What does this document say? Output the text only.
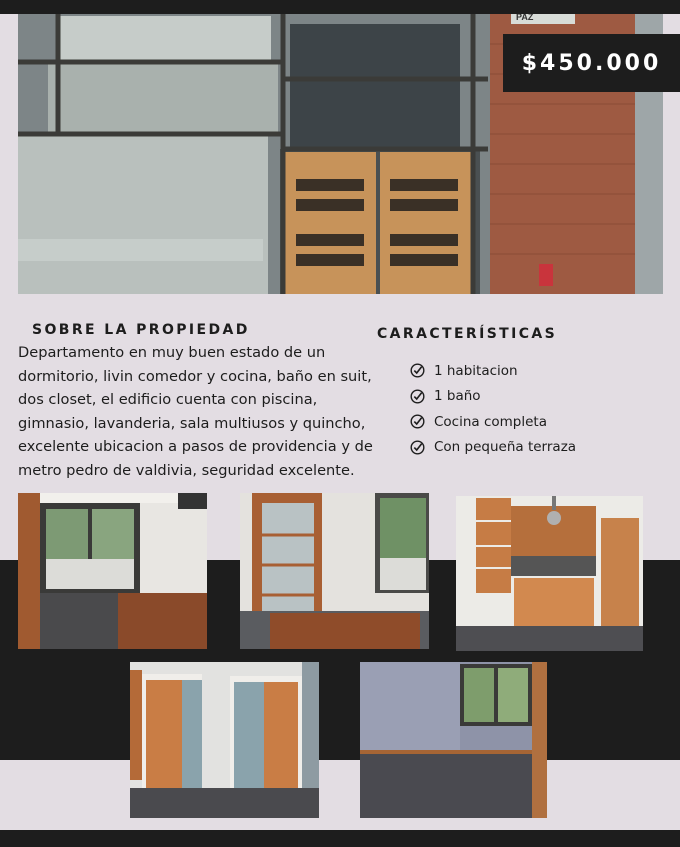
PAZ
$450.000
SOBRE LA PROPIEDAD

Departamento en muy buen estado de un dormitorio, livin comedor y cocina, baño en suit, dos closet, el edificio cuenta con piscina, gimnasio, lavanderia, sala multiusos y quincho, excelente ubicacion a pasos de providencia y de metro pedro de valdivia, seguridad excelente.

CARACTERÍSTICAS
1 habitacion
1 baño
Cocina completa
Con pequeña terraza
